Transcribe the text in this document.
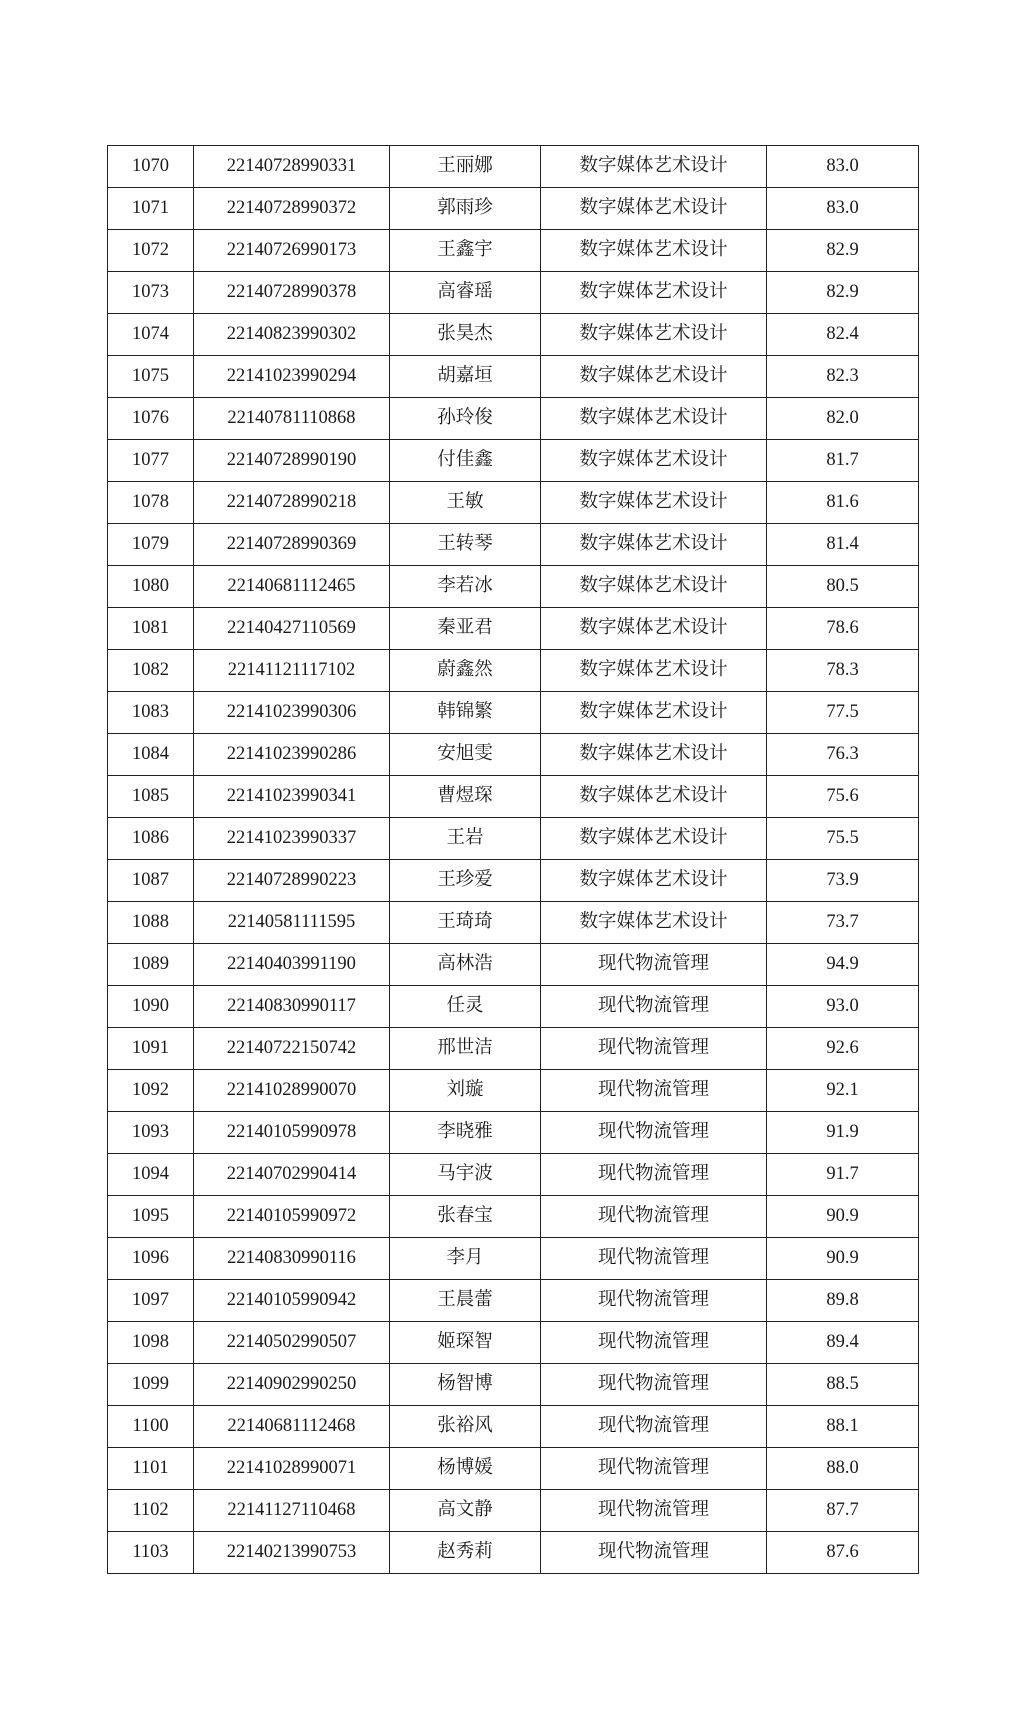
1070	22140728990331	王丽娜	数字媒体艺术设计	83.0
1071	22140728990372	郭雨珍	数字媒体艺术设计	83.0
1072	22140726990173	王鑫宇	数字媒体艺术设计	82.9
1073	22140728990378	高睿瑶	数字媒体艺术设计	82.9
1074	22140823990302	张昊杰	数字媒体艺术设计	82.4
1075	22141023990294	胡嘉垣	数字媒体艺术设计	82.3
1076	22140781110868	孙玲俊	数字媒体艺术设计	82.0
1077	22140728990190	付佳鑫	数字媒体艺术设计	81.7
1078	22140728990218	王敏	数字媒体艺术设计	81.6
1079	22140728990369	王转琴	数字媒体艺术设计	81.4
1080	22140681112465	李若冰	数字媒体艺术设计	80.5
1081	22140427110569	秦亚君	数字媒体艺术设计	78.6
1082	22141121117102	蔚鑫然	数字媒体艺术设计	78.3
1083	22141023990306	韩锦繁	数字媒体艺术设计	77.5
1084	22141023990286	安旭雯	数字媒体艺术设计	76.3
1085	22141023990341	曹煜琛	数字媒体艺术设计	75.6
1086	22141023990337	王岩	数字媒体艺术设计	75.5
1087	22140728990223	王珍爱	数字媒体艺术设计	73.9
1088	22140581111595	王琦琦	数字媒体艺术设计	73.7
1089	22140403991190	高林浩	现代物流管理	94.9
1090	22140830990117	任灵	现代物流管理	93.0
1091	22140722150742	邢世洁	现代物流管理	92.6
1092	22141028990070	刘璇	现代物流管理	92.1
1093	22140105990978	李晓雅	现代物流管理	91.9
1094	22140702990414	马宇波	现代物流管理	91.7
1095	22140105990972	张春宝	现代物流管理	90.9
1096	22140830990116	李月	现代物流管理	90.9
1097	22140105990942	王晨蕾	现代物流管理	89.8
1098	22140502990507	姬琛智	现代物流管理	89.4
1099	22140902990250	杨智博	现代物流管理	88.5
1100	22140681112468	张裕风	现代物流管理	88.1
1101	22141028990071	杨博媛	现代物流管理	88.0
1102	22141127110468	高文静	现代物流管理	87.7
1103	22140213990753	赵秀莉	现代物流管理	87.6
